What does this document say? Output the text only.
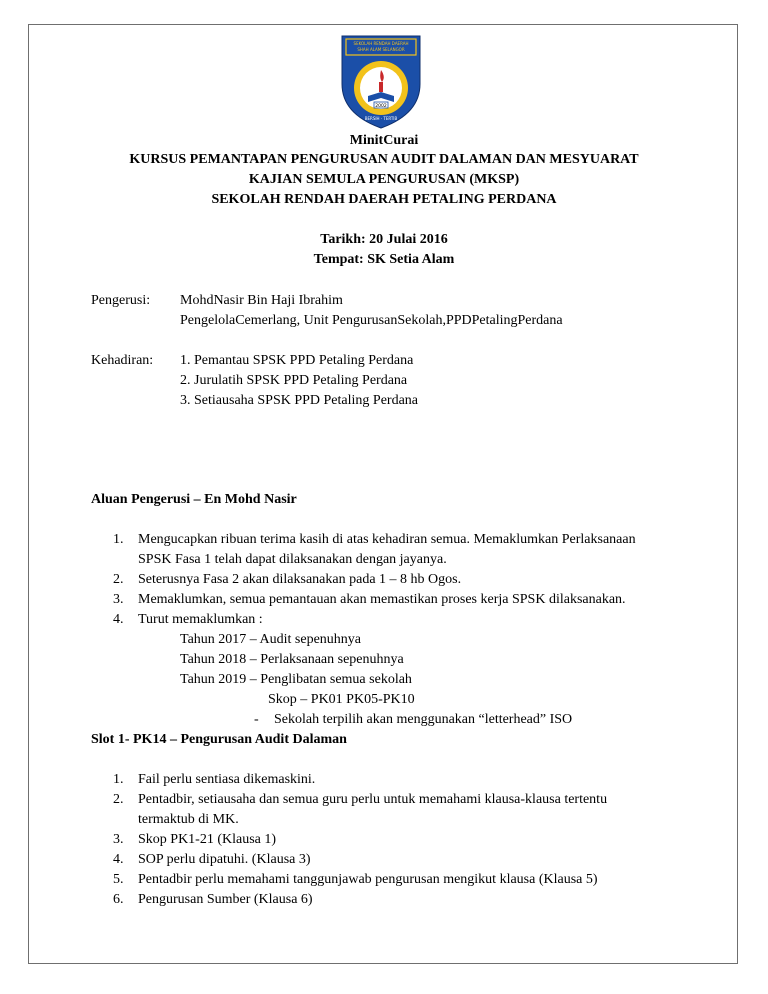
SEKOLAH RENDAH DAERAH
SHAH ALAM SELANGOR
2002
BERSIH · TERTIB
MinitCurai
KURSUS PEMANTAPAN PENGURUSAN AUDIT DALAMAN DAN MESYUARAT
KAJIAN SEMULA PENGURUSAN (MKSP)
SEKOLAH RENDAH DAERAH PETALING PERDANA
Tarikh: 20 Julai 2016
Tempat: SK Setia Alam
Pengerusi: MohdNasir Bin Haji Ibrahim
PengelolaCemerlang, Unit PengurusanSekolah,PPDPetalingPerdana
Kehadiran: 1. Pemantau SPSK PPD Petaling Perdana
2. Jurulatih SPSK PPD Petaling Perdana
3. Setiausaha SPSK PPD Petaling Perdana
Aluan Pengerusi – En Mohd Nasir
1. Mengucapkan ribuan terima kasih di atas kehadiran semua. Memaklumkan Perlaksanaan
SPSK Fasa 1 telah dapat dilaksanakan dengan jayanya.
2. Seterusnya Fasa 2 akan dilaksanakan pada 1 – 8 hb Ogos.
3. Memaklumkan, semua pemantauan akan memastikan proses kerja SPSK dilaksanakan.
4. Turut memaklumkan :
Tahun 2017 – Audit sepenuhnya
Tahun 2018 – Perlaksanaan sepenuhnya
Tahun 2019 – Penglibatan semua sekolah
Skop – PK01 PK05-PK10
- Sekolah terpilih akan menggunakan “letterhead” ISO
Slot 1- PK14 – Pengurusan Audit Dalaman
1. Fail perlu sentiasa dikemaskini.
2. Pentadbir, setiausaha dan semua guru perlu untuk memahami klausa-klausa tertentu
termaktub di MK.
3. Skop PK1-21 (Klausa 1)
4. SOP perlu dipatuhi. (Klausa 3)
5. Pentadbir perlu memahami tanggunjawab pengurusan mengikut klausa (Klausa 5)
6. Pengurusan Sumber (Klausa 6)
